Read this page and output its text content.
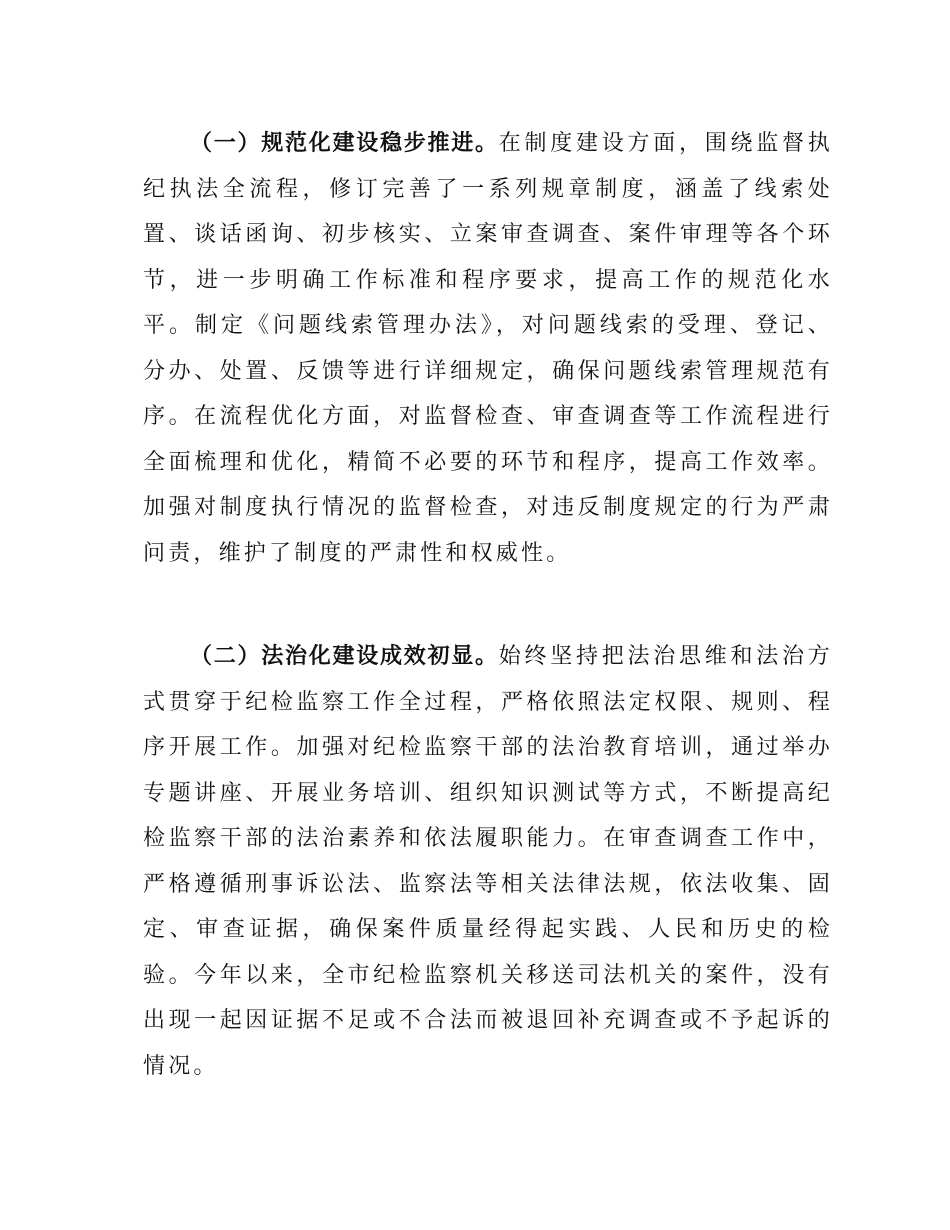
（一）规范化建设稳步推进。在制度建设方面，围绕监督执纪执法全流程，修订完善了一系列规章制度，涵盖了线索处置、谈话函询、初步核实、立案审查调查、案件审理等各个环节，进一步明确工作标准和程序要求，提高工作的规范化水平。制定《问题线索管理办法》，对问题线索的受理、登记、分办、处置、反馈等进行详细规定，确保问题线索管理规范有序。在流程优化方面，对监督检查、审查调查等工作流程进行全面梳理和优化，精简不必要的环节和程序，提高工作效率。加强对制度执行情况的监督检查，对违反制度规定的行为严肃问责，维护了制度的严肃性和权威性。

（二）法治化建设成效初显。始终坚持把法治思维和法治方式贯穿于纪检监察工作全过程，严格依照法定权限、规则、程序开展工作。加强对纪检监察干部的法治教育培训，通过举办专题讲座、开展业务培训、组织知识测试等方式，不断提高纪检监察干部的法治素养和依法履职能力。在审查调查工作中，严格遵循刑事诉讼法、监察法等相关法律法规，依法收集、固定、审查证据，确保案件质量经得起实践、人民和历史的检验。今年以来，全市纪检监察机关移送司法机关的案件，没有出现一起因证据不足或不合法而被退回补充调查或不予起诉的情况。
